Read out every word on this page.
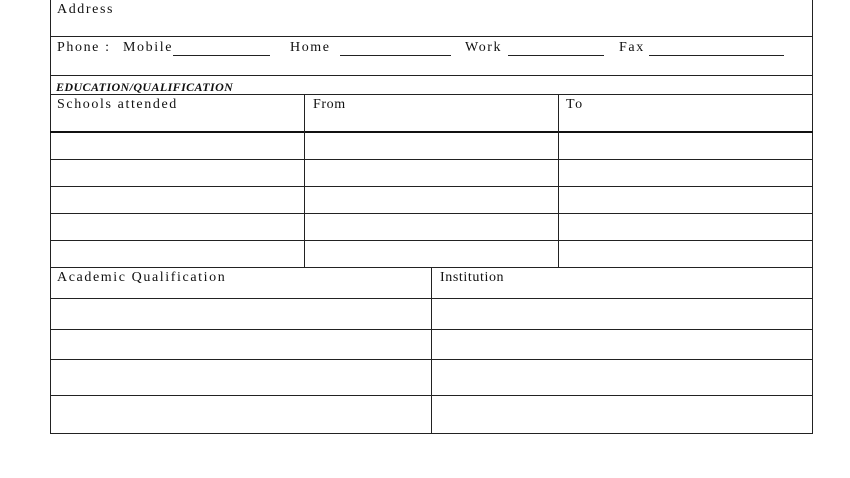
Address
Phone : Mobile	Home	Work	Fax
EDUCATION/QUALIFICATION
Schools attended	From	To
Academic Qualification	Institution
